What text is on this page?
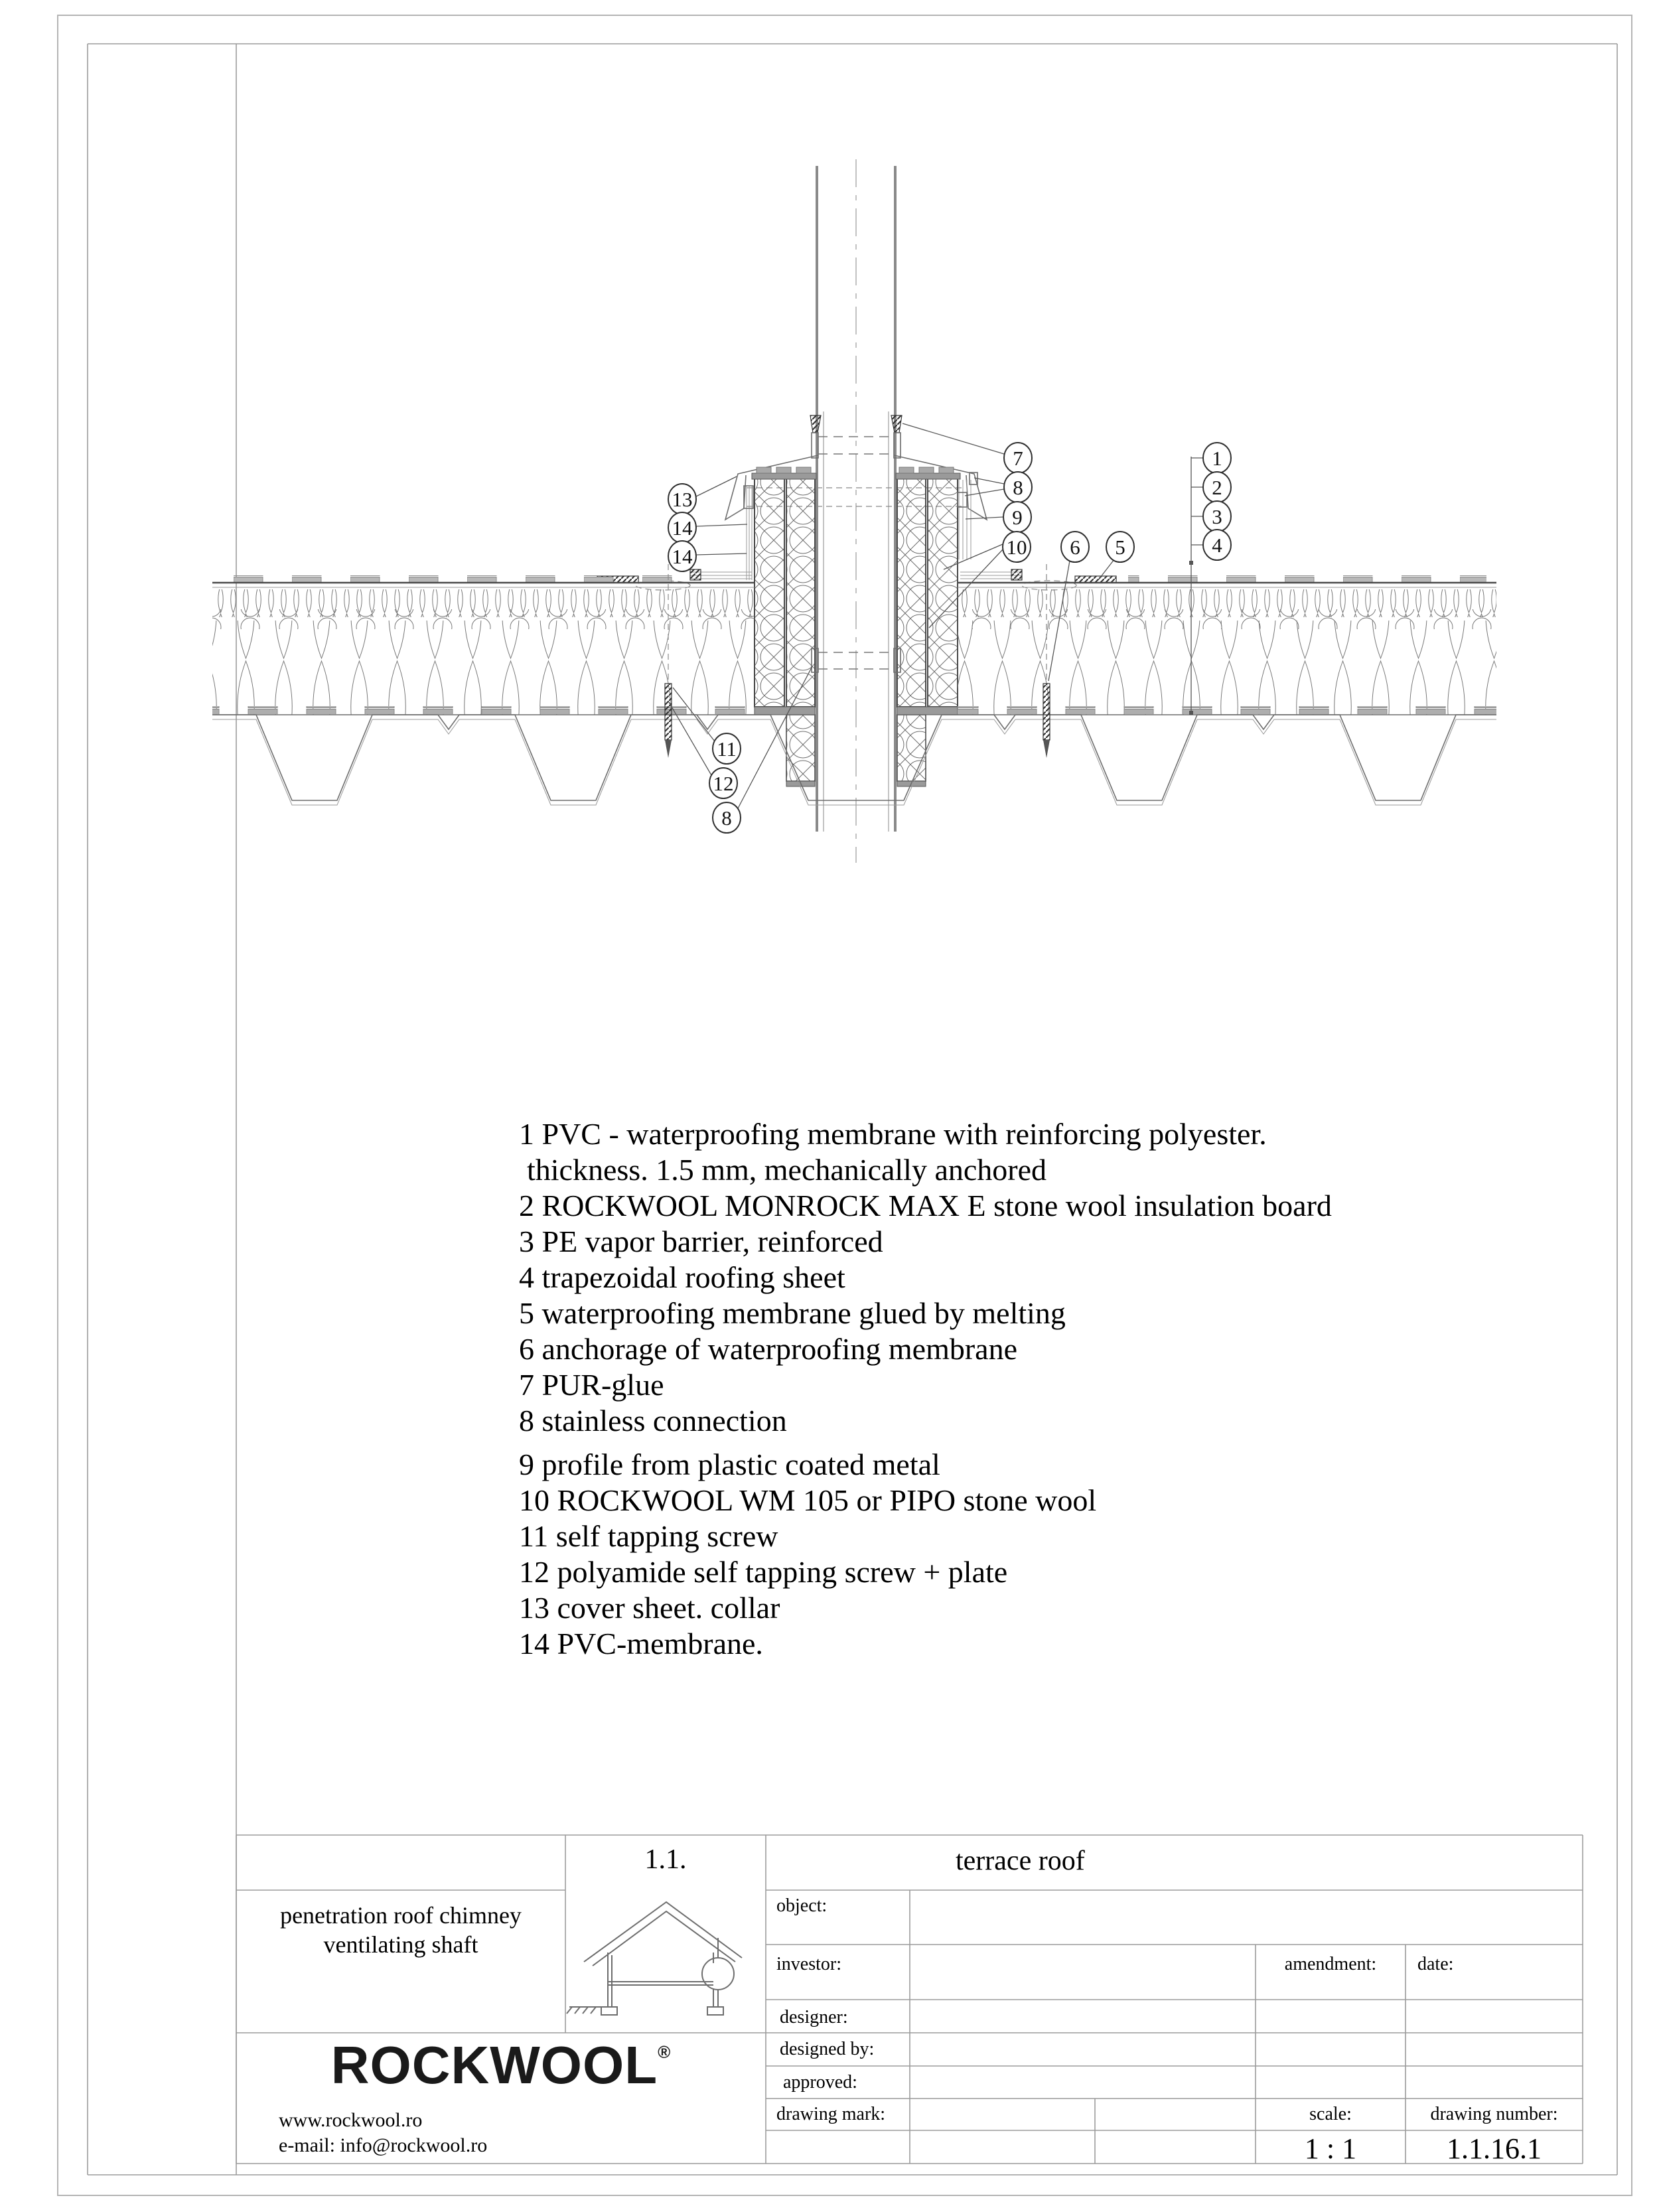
7
8
9
10 6 5
1
2
3
4
13
14
14
11
12
8
1 PVC - waterproofing membrane with reinforcing polyester.
thickness. 1.5 mm, mechanically anchored
2 ROCKWOOL MONROCK MAX E stone wool insulation board
3 PE vapor barrier, reinforced
4 trapezoidal roofing sheet
5 waterproofing membrane glued by melting
6 anchorage of waterproofing membrane
7 PUR-glue
8 stainless connection
9 profile from plastic coated metal
10 ROCKWOOL WM 105 or PIPO stone wool
11 self tapping screw
12 polyamide self tapping screw + plate
13 cover sheet. collar
14 PVC-membrane.
1.1.	terrace roof
penetration roof chimney
ventilating shaft
object:
investor:	amendment:	date:
designer:
designed by:
approved:
drawing mark:	scale:	drawing number:
1 : 1	1.1.16.1
ROCKWOOL®
www.rockwool.ro
e-mail: info@rockwool.ro
